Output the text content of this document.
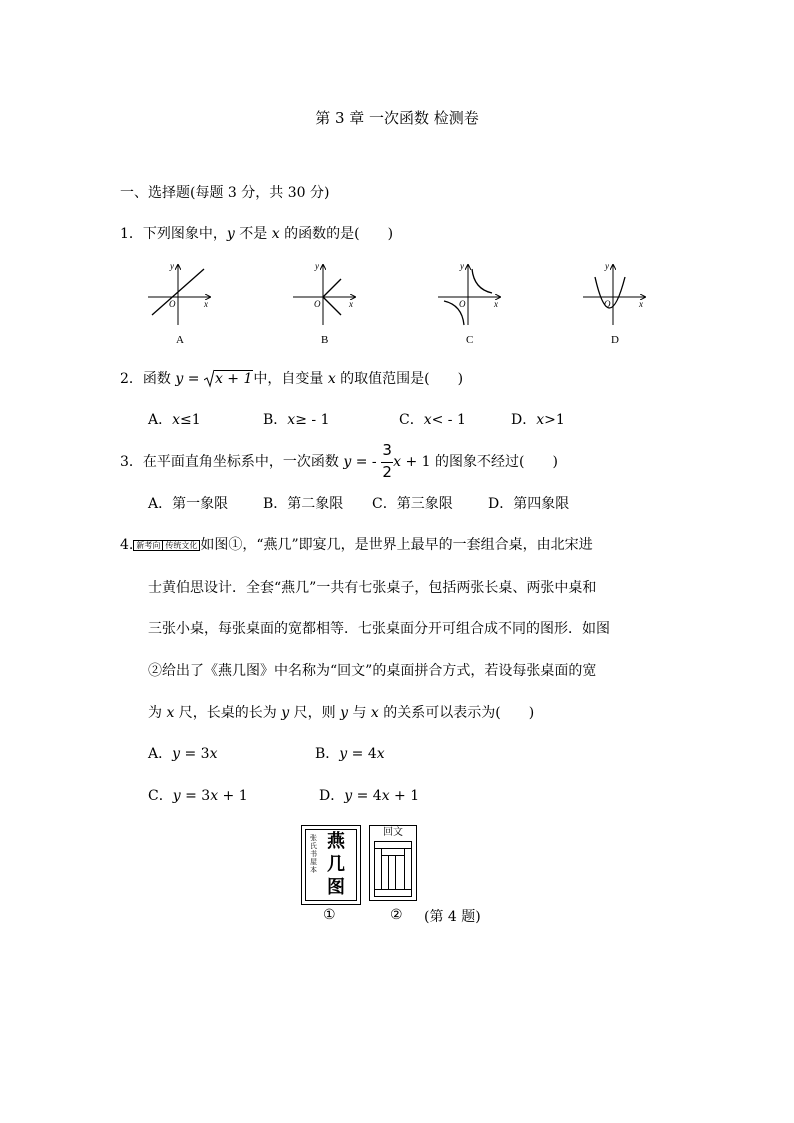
第 3 章 一次函数 检测卷
一、选择题(每题 3 分，共 30 分)
1．下列图象中，y 不是 x 的函数的是(　　)
y
x
O
A
y
x
O
B
y
x
O
C
y
x
O
D
2．函数 y = x + 1中，自变量 x 的取值范围是(　　)
A．x≤1	B．x≥ - 1	C．x< - 1	D．x>1
3．在平面直角坐标系中，一次函数 y = - $\frac{3}{2}$ x + 1 的图象不经过(　　)
A．第一象限 B．第二象限 C．第三象限	D．第四象限
4. 新考向 传统文化 如图①，“燕几”即宴几，是世界上最早的一套组合桌，由北宋进
士黄伯思设计．全套“燕几”一共有七张桌子，包括两张长桌、两张中桌和
三张小桌，每张桌面的宽都相等．七张桌面分开可组合成不同的图形．如图
②给出了《燕几图》中名称为“回文”的桌面拼合方式，若设每张桌面的宽
为 x 尺，长桌的长为 y 尺，则 y 与 x 的关系可以表示为(　　)
A．y = 3x	B．y = 4x
C．y = 3x + 1	D．y = 4x + 1
张氏书屋本
燕几图
回文
①	② (第 4 题)
